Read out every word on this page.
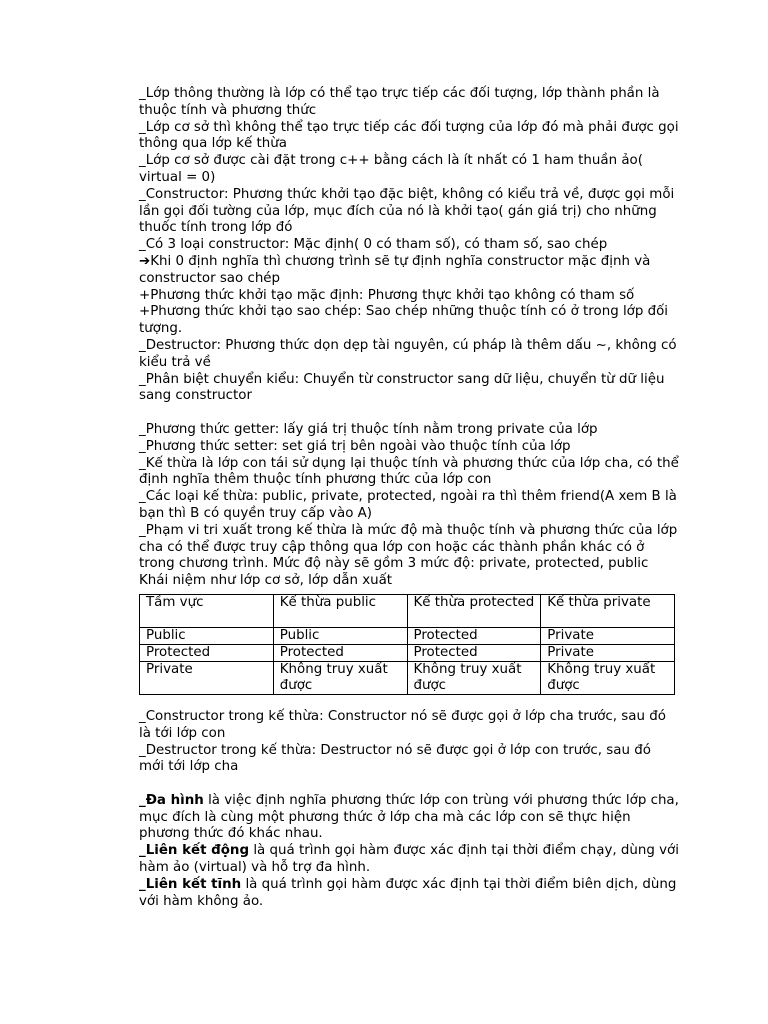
_Lớp thông thường là lớp có thể tạo trực tiếp các đối tượng, lớp thành phần là thuộc tính và phương thức

_Lớp cơ sở thì không thể tạo trực tiếp các đối tượng của lớp đó mà phải được gọi thông qua lớp kế thừa

_Lớp cơ sở được cài đặt trong c++ bằng cách là ít nhất có 1 ham thuần ảo( virtual = 0)

_Constructor: Phương thức khởi tạo đặc biệt, không có kiểu trả về, được gọi mỗi lần gọi đối tường của lớp, mục đích của nó là khởi tạo( gán giá trị) cho những thuốc tính trong lớp đó

_Có 3 loại constructor: Mặc định( 0 có tham số), có tham số, sao chép

➔Khi 0 định nghĩa thì chương trình sẽ tự định nghĩa constructor mặc định và constructor sao chép

+Phương thức khởi tạo mặc định: Phương thực khởi tạo không có tham số

+Phương thức khởi tạo sao chép: Sao chép những thuộc tính có ở trong lớp đối tượng.

_Destructor: Phương thức dọn dẹp tài nguyên, cú pháp là thêm dấu ~, không có kiểu trả về

_Phân biệt chuyển kiểu: Chuyển từ constructor sang dữ liệu, chuyển từ dữ liệu sang constructor

_Phương thức getter: lấy giá trị thuộc tính nằm trong private của lớp

_Phương thức setter: set giá trị bên ngoài vào thuộc tính của lớp

_Kế thừa là lớp con tái sử dụng lại thuộc tính và phương thức của lớp cha, có thể định nghĩa thêm thuộc tính phương thức của lớp con

_Các loại kế thừa: public, private, protected, ngoài ra thì thêm friend(A xem B là bạn thì B có quyền truy cấp vào A)

_Phạm vi tri xuất trong kế thừa là mức độ mà thuộc tính và phương thức của lớp cha có thể được truy cập thông qua lớp con hoặc các thành phần khác có ở trong chương trình. Mức độ này sẽ gồm 3 mức độ: private, protected, public

Khái niệm như lớp cơ sở, lớp dẫn xuất

Tầm vực	Kế thừa public	Kế thừa protected	Kế thừa private
Public	Public	Protected	Private
Protected	Protected	Protected	Private
Private	Không truy xuất được	Không truy xuất được	Không truy xuất được

_Constructor trong kế thừa: Constructor nó sẽ được gọi ở lớp cha trước, sau đó là tới lớp con

_Destructor trong kế thừa: Destructor nó sẽ được gọi ở lớp con trước, sau đó mới tới lớp cha

_Đa hình là việc định nghĩa phương thức lớp con trùng với phương thức lớp cha, mục đích là cùng một phương thức ở lớp cha mà các lớp con sẽ thực hiện phương thức đó khác nhau.

_Liên kết động là quá trình gọi hàm được xác định tại thời điểm chạy, dùng với hàm ảo (virtual) và hỗ trợ đa hình.

_Liên kết tĩnh là quá trình gọi hàm được xác định tại thời điểm biên dịch, dùng với hàm không ảo.
